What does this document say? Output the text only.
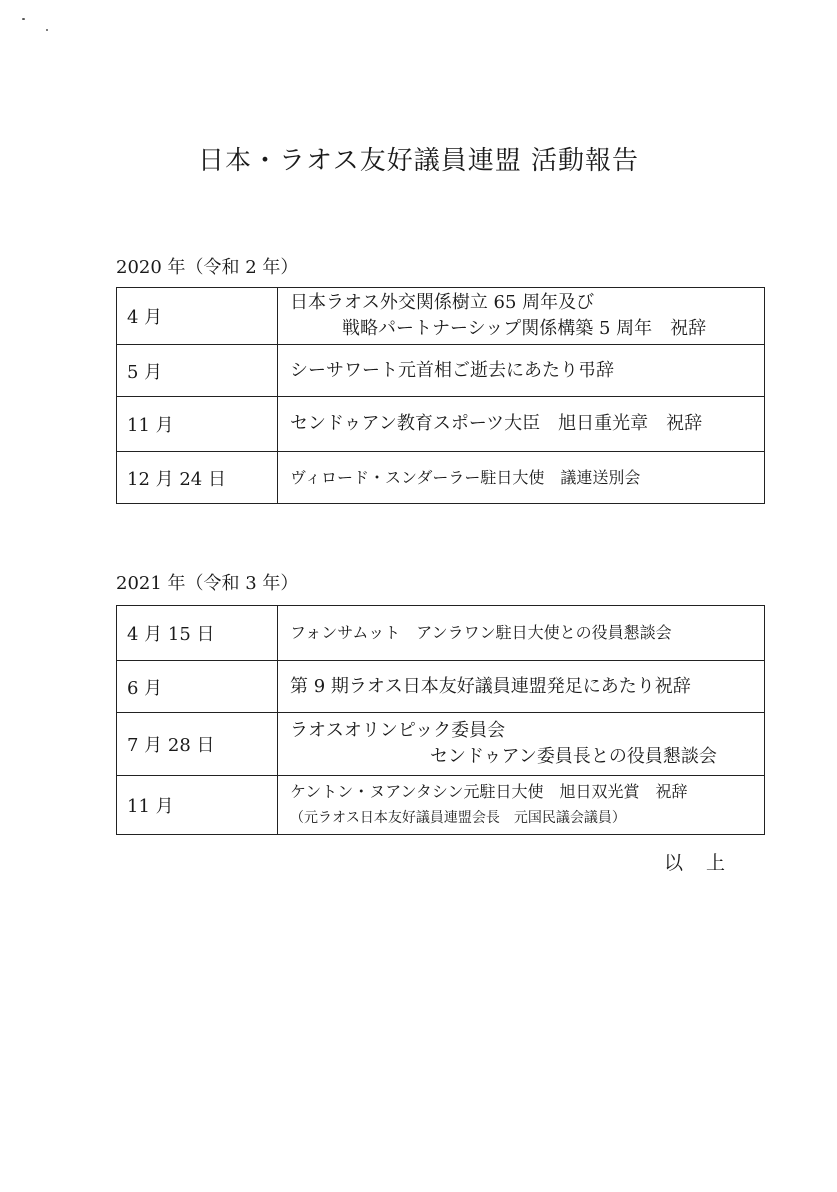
日本・ラオス友好議員連盟 活動報告
2020 年（令和 2 年）
4 月	日本ラオス外交関係樹立 65 周年及び
戦略パートナーシップ関係構築 5 周年　祝辞

5 月	シーサワート元首相ご逝去にあたり弔辞

11 月	センドゥアン教育スポーツ大臣　旭日重光章　祝辞

12 月 24 日	ヴィロード・スンダーラー駐日大使　議連送別会
2021 年（令和 3 年）
4 月 15 日	フォンサムット　アンラワン駐日大使との役員懇談会

6 月	第 9 期ラオス日本友好議員連盟発足にあたり祝辞

7 月 28 日	ラオスオリンピック委員会
センドゥアン委員長との役員懇談会

11 月	ケントン・ヌアンタシン元駐日大使　旭日双光賞　祝辞
（元ラオス日本友好議員連盟会長　元国民議会議員）
以　上
